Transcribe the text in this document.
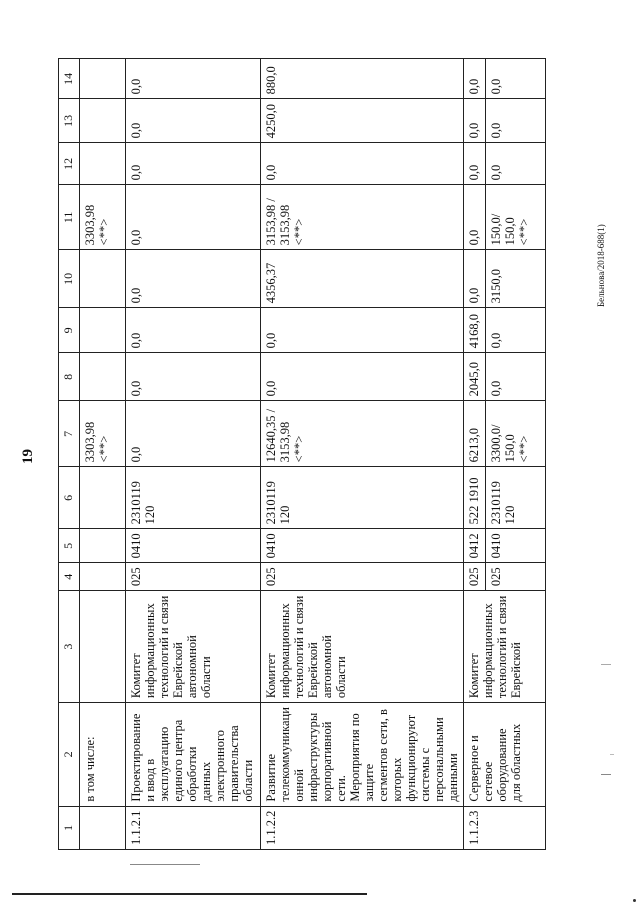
19
1	2	3	4	5	6	7	8	9	10	11	12	13	14
	в том числе:					3303,98 <**>				3303,98 <**>			
1.1.2.1	Проектирование и ввод в эксплуатацию единого центра обработки данных электронного правительства области	Комитет информационных технологий и связи Еврейской автономной области	025	0410	2310119 120	0,0	0,0	0,0	0,0	0,0	0,0	0,0	0,0
1.1.2.2	Развитие телекоммуникаци онной инфраструктуры корпоративной сети. Мероприятия по защите сегментов сети, в которых функционируют системы с персональными данными	Комитет информационных технологий и связи Еврейской автономной области	025	0410	2310119 120	12640,35 / 3153,98 <**>	0,0	0,0	4356,37	3153,98 / 3153,98 <**>	0,0	4250,0	880,0
1.1.2.3	Серверное и сетевое оборудование для областных	Комитет информационных технологий и связи Еврейской	025	0412	522 1910	6213,0	2045,0	4168,0	0,0	0,0	0,0	0,0	0,0
			025	0410	2310119 120	3300,0/ 150,0 <**>	0,0	0,0	3150,0	150,0/ 150,0 <**>	0,0	0,0	0,0
Бельнова/2018-688(1)
